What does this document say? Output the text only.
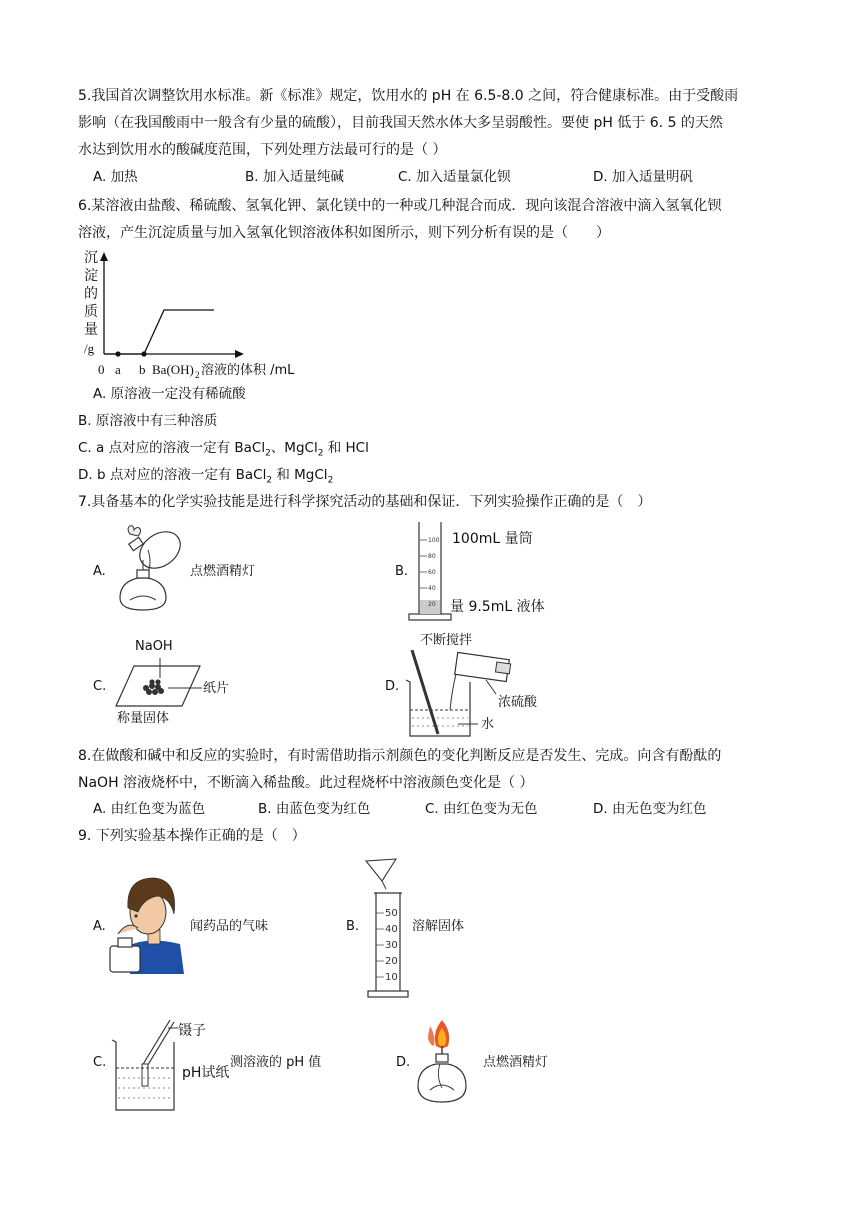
5.我国首次调整饮用水标准。新《标准》规定，饮用水的 pH 在 6.5-8.0 之间，符合健康标准。由于受酸雨
影响（在我国酸雨中一般含有少量的硫酸），目前我国天然水体大多呈弱酸性。要使 pH 低于 6. 5 的天然
水达到饮用水的酸碱度范围，下列处理方法最可行的是（ ）
A. 加热	B. 加入适量纯碱	C. 加入适量氯化钡	D. 加入适量明矾
6.某溶液由盐酸、稀硫酸、氢氧化钾、氯化镁中的一种或几种混合而成．现向该混合溶液中滴入氢氧化钡
溶液，产生沉淀质量与加入氢氧化钡溶液体积如图所示，则下列分析有误的是（　　）
沉
淀
的
质
量
/g
0 a b Ba(OH) 2 溶液的体积 /mL
A. 原溶液一定没有稀硫酸
B. 原溶液中有三种溶质
C. a 点对应的溶液一定有 BaCl$_2$、MgCl$_2$ 和 HCl
D. b 点对应的溶液一定有 BaCl$_2$ 和 MgCl$_2$
7.具备基本的化学实验技能是进行科学探究活动的基础和保证．下列实验操作正确的是（　）
A.	点燃酒精灯	B.
100
80
60
40
20
100mL 量筒
量 9.5mL 液体
C.
NaOH
纸片
称量固体
D.
不断搅拌
浓硫酸
水
8.在做酸和碱中和反应的实验时，有时需借助指示剂颜色的变化判断反应是否发生、完成。向含有酚酞的
NaOH 溶液烧杯中，不断滴入稀盐酸。此过程烧杯中溶液颜色变化是（ ）
A. 由红色变为蓝色	B. 由蓝色变为红色	C. 由红色变为无色	D. 由无色变为红色
9. 下列实验基本操作正确的是（　）
A.	闻药品的气味	B.
50
40
30
20
10
溶解固体
C.
镊子
pH试纸
测溶液的 pH 值	D.	点燃酒精灯
